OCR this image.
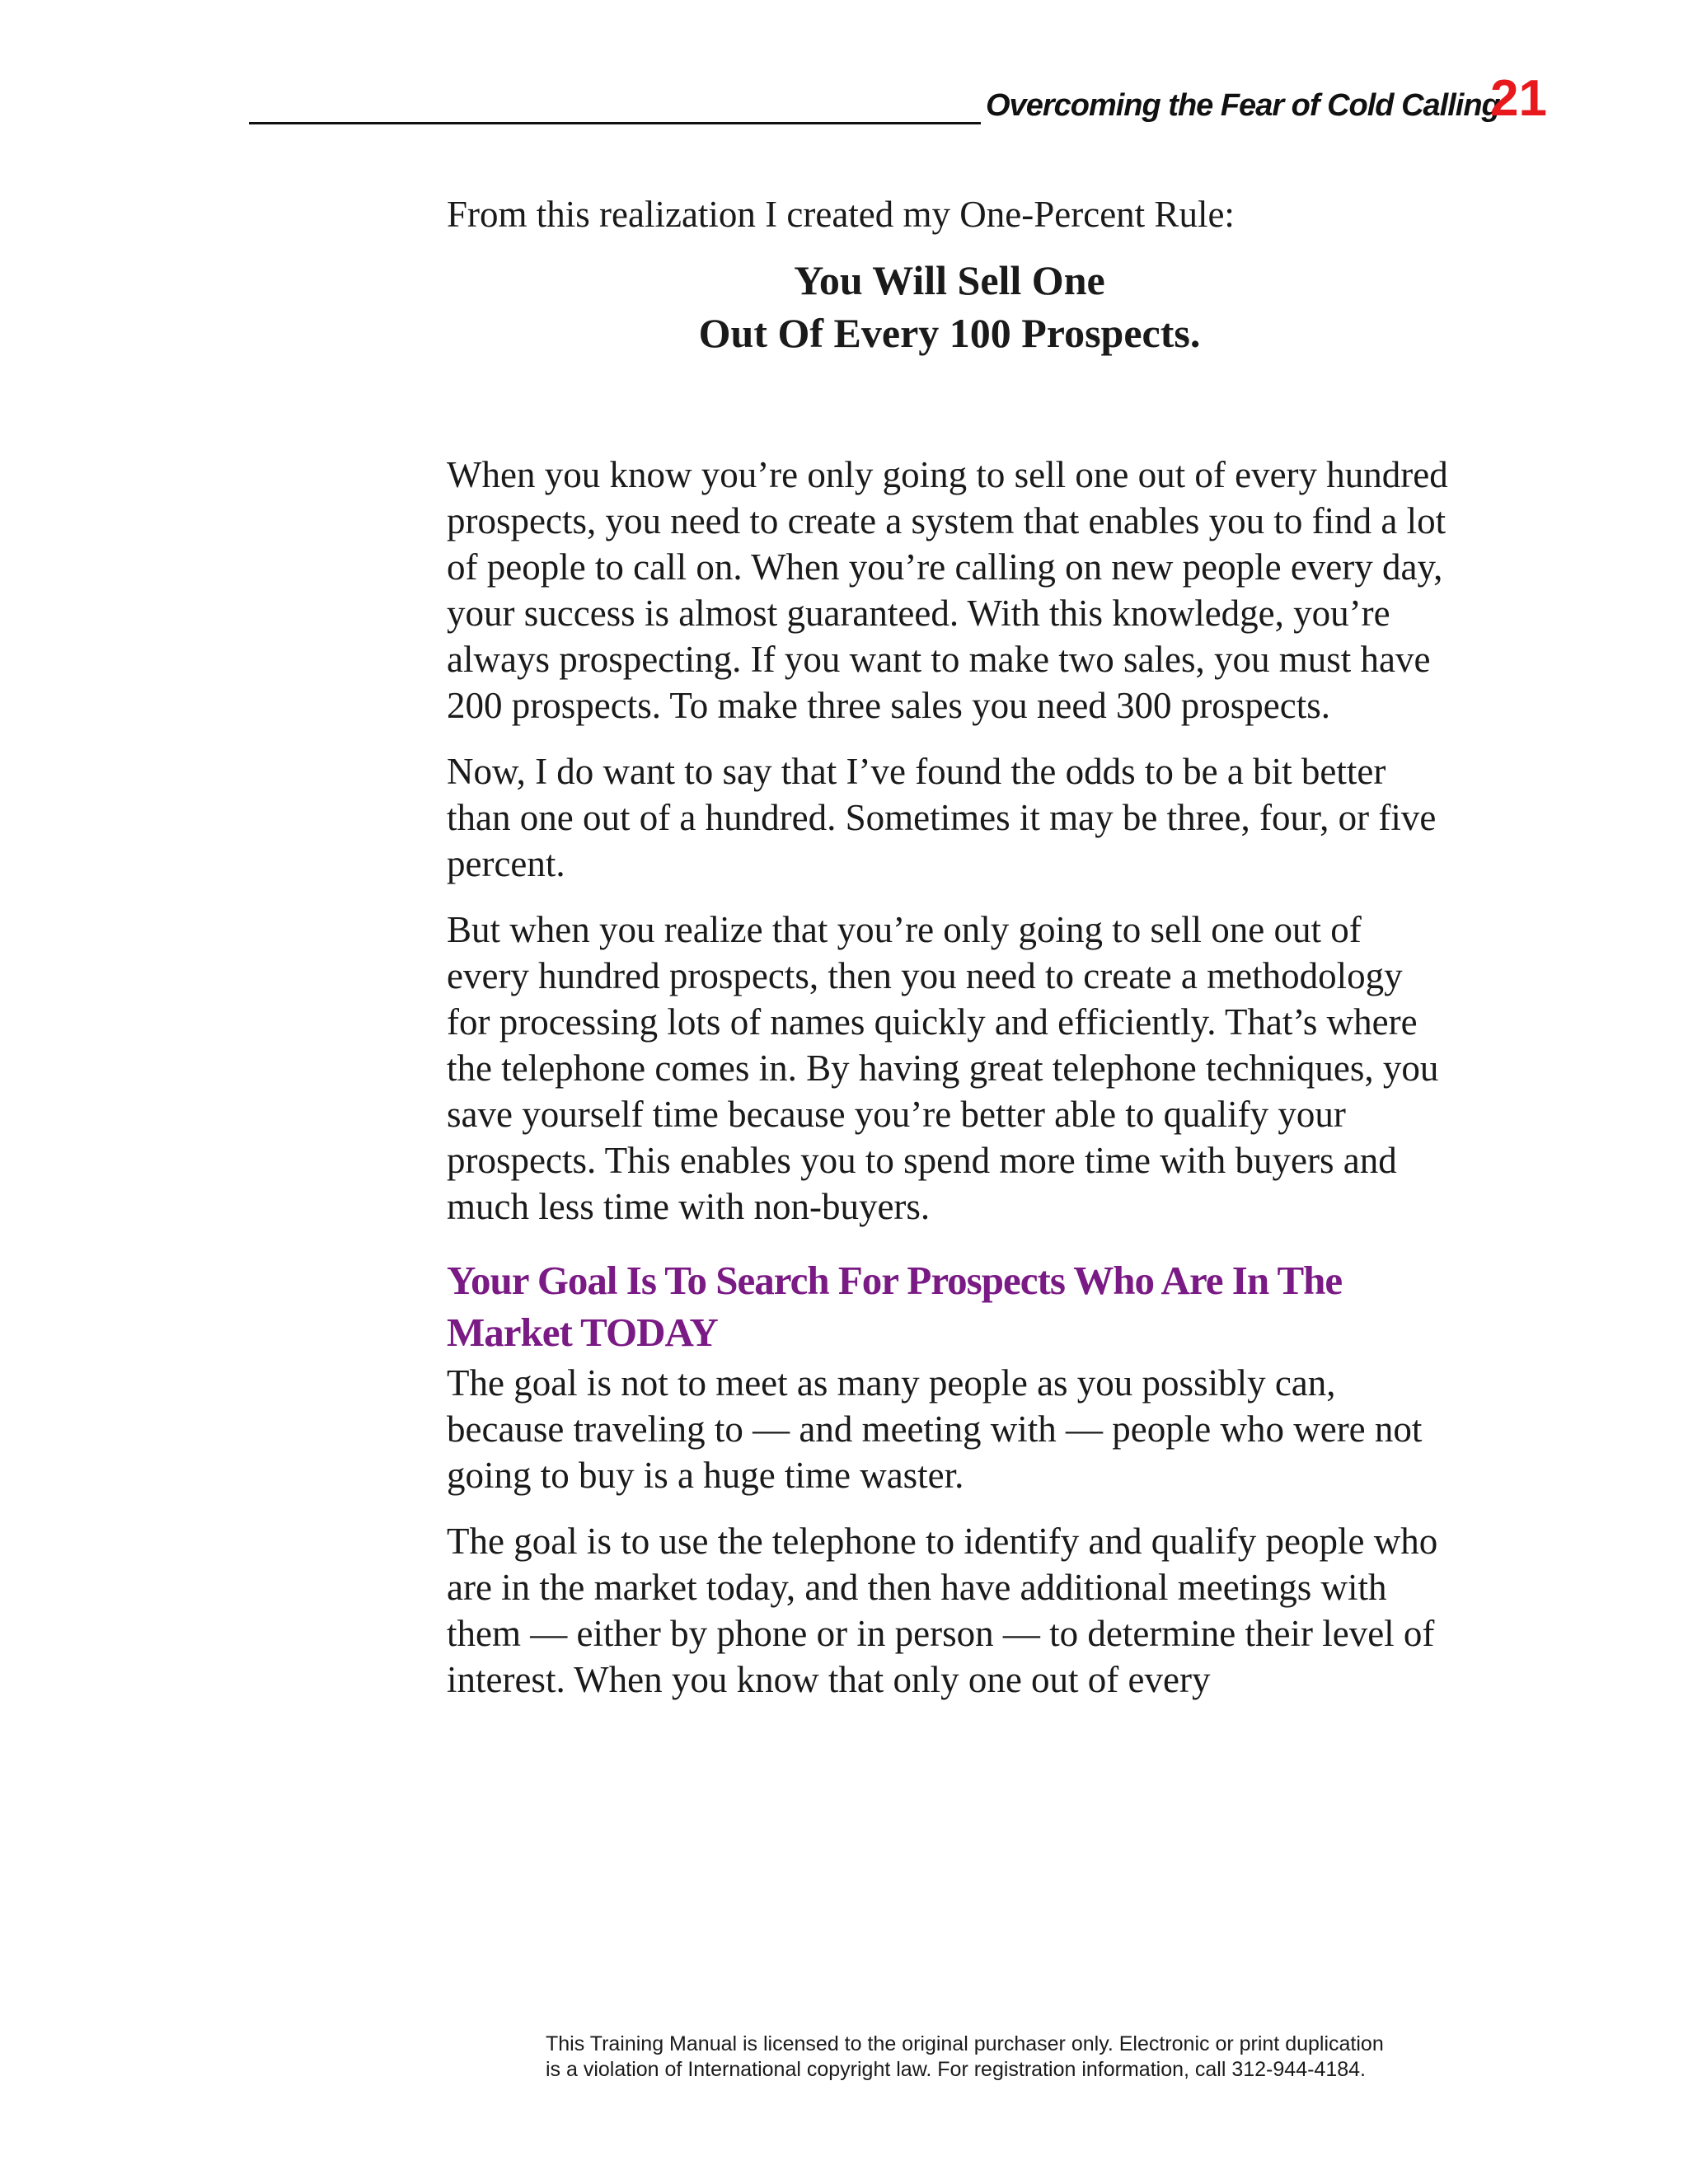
Overcoming the Fear of Cold Calling
21

From this realization I created my One-Percent Rule:

You Will Sell One
Out Of Every 100 Prospects.

When you know you’re only going to sell one out of every hundred prospects, you need to create a system that enables you to find a lot of people to call on. When you’re calling on new people every day, your success is almost guaranteed. With this knowledge, you’re always prospecting. If you want to make two sales, you must have 200 prospects. To make three sales you need 300 prospects.

Now, I do want to say that I’ve found the odds to be a bit better than one out of a hundred. Sometimes it may be three, four, or five percent.

But when you realize that you’re only going to sell one out of every hundred prospects, then you need to create a methodology for processing lots of names quickly and efficiently. That’s where the telephone comes in. By having great telephone techniques, you save yourself time because you’re better able to qualify your prospects. This enables you to spend more time with buyers and much less time with non-buyers.

Your Goal Is To Search For Prospects Who Are In The Market TODAY

The goal is not to meet as many people as you possibly can, because traveling to — and meeting with — people who were not going to buy is a huge time waster.

The goal is to use the telephone to identify and qualify people who are in the market today, and then have additional meetings with them — either by phone or in person — to determine their level of interest. When you know that only one out of every

This Training Manual is licensed to the original purchaser only. Electronic or print duplication
is a violation of International copyright law. For registration information, call 312-944-4184.
